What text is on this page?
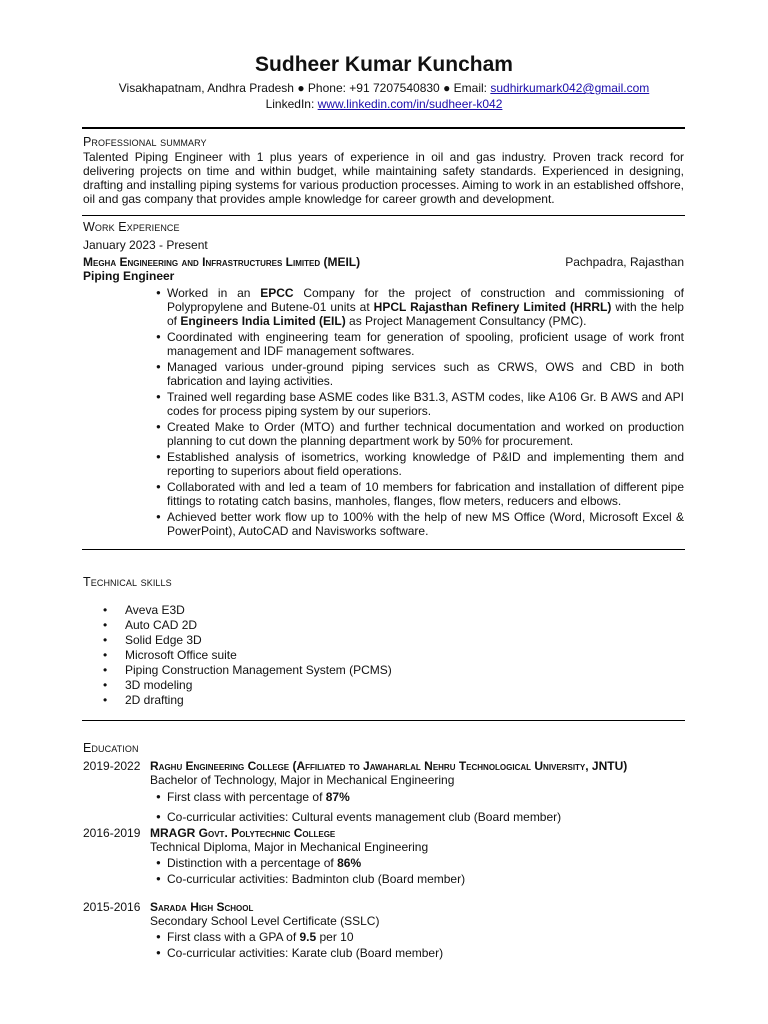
Sudheer Kumar Kuncham
Visakhapatnam, Andhra Pradesh ● Phone: +91 7207540830 ● Email: sudhirkumark042@gmail.com
LinkedIn: www.linkedin.com/in/sudheer-k042
Professional summary
Talented Piping Engineer with 1 plus years of experience in oil and gas industry. Proven track record for delivering projects on time and within budget, while maintaining safety standards. Experienced in designing, drafting and installing piping systems for various production processes. Aiming to work in an established offshore, oil and gas company that provides ample knowledge for career growth and development.
Work Experience
January 2023 - Present
Megha Engineering and Infrastructures Limited (MEIL)	Pachpadra, Rajasthan
Piping Engineer
● Worked in an EPCC Company for the project of construction and commissioning of Polypropylene and Butene-01 units at HPCL Rajasthan Refinery Limited (HRRL) with the help of Engineers India Limited (EIL) as Project Management Consultancy (PMC).
● Coordinated with engineering team for generation of spooling, proficient usage of work front management and IDF management softwares.
● Managed various under-ground piping services such as CRWS, OWS and CBD in both fabrication and laying activities.
● Trained well regarding base ASME codes like B31.3, ASTM codes, like A106 Gr. B AWS and API codes for process piping system by our superiors.
● Created Make to Order (MTO) and further technical documentation and worked on production planning to cut down the planning department work by 50% for procurement.
● Established analysis of isometrics, working knowledge of P&ID and implementing them and reporting to superiors about field operations.
● Collaborated with and led a team of 10 members for fabrication and installation of different pipe fittings to rotating catch basins, manholes, flanges, flow meters, reducers and elbows.
● Achieved better work flow up to 100% with the help of new MS Office (Word, Microsoft Excel & PowerPoint), AutoCAD and Navisworks software.
Technical skills
• Aveva E3D
• Auto CAD 2D
• Solid Edge 3D
• Microsoft Office suite
• Piping Construction Management System (PCMS)
• 3D modeling
• 2D drafting
Education
2019-2022 Raghu Engineering College (Affiliated to Jawaharlal Nehru Technological University, JNTU)
Bachelor of Technology, Major in Mechanical Engineering
● First class with percentage of 87%
● Co-curricular activities: Cultural events management club (Board member)
2016-2019 MRAGR Govt. Polytechnic College
Technical Diploma, Major in Mechanical Engineering
● Distinction with a percentage of 86%
● Co-curricular activities: Badminton club (Board member)
2015-2016 Sarada High School
Secondary School Level Certificate (SSLC)
● First class with a GPA of 9.5 per 10
● Co-curricular activities: Karate club (Board member)
